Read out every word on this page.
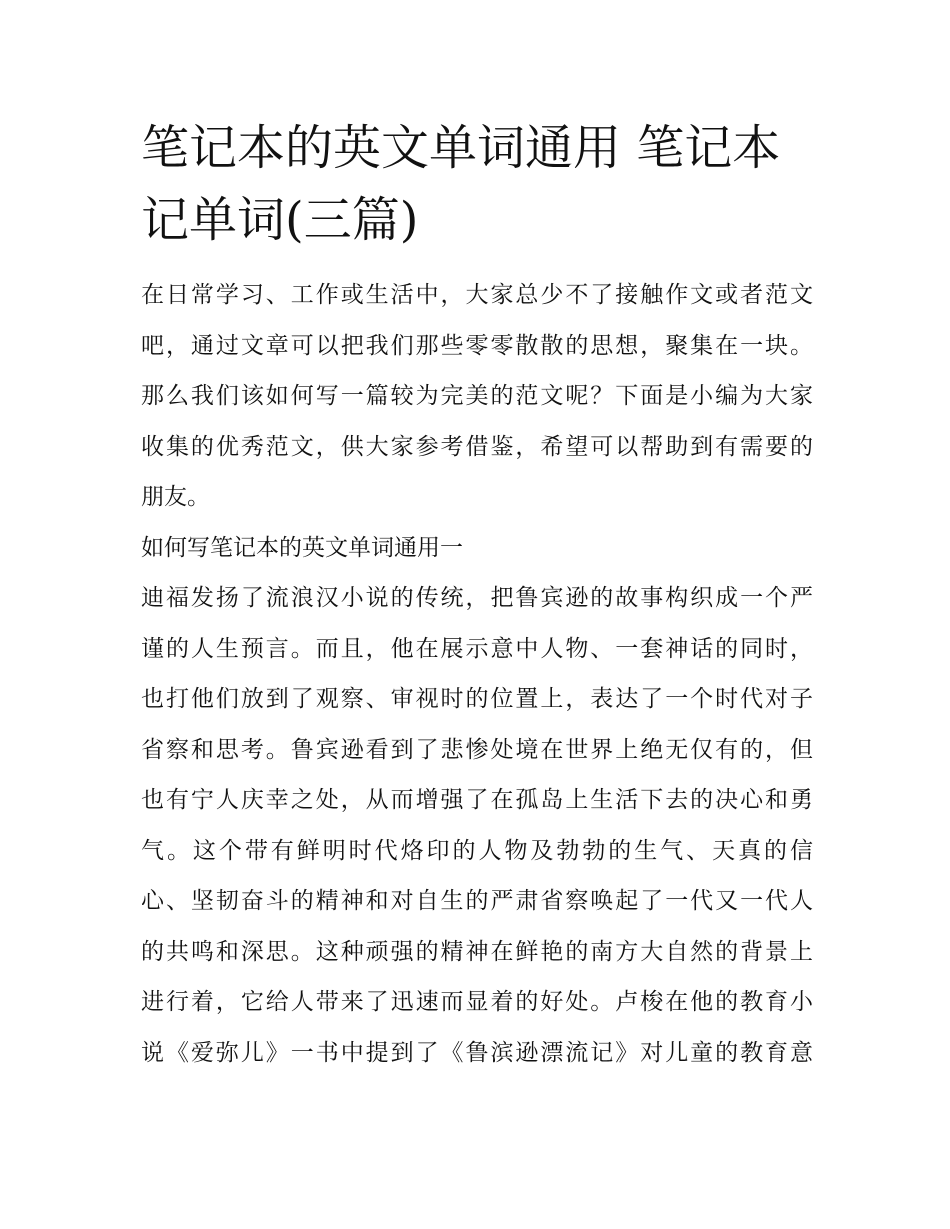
笔记本的英文单词通用 笔记本
记单词(三篇)
在日常学习、工作或生活中，大家总少不了接触作文或者范文
吧，通过文章可以把我们那些零零散散的思想，聚集在一块。
那么我们该如何写一篇较为完美的范文呢？下面是小编为大家
收集的优秀范文，供大家参考借鉴，希望可以帮助到有需要的
朋友。
如何写笔记本的英文单词通用一
迪福发扬了流浪汉小说的传统，把鲁宾逊的故事构织成一个严
谨的人生预言。而且，他在展示意中人物、一套神话的同时，
也打他们放到了观察、审视时的位置上，表达了一个时代对子
省察和思考。鲁宾逊看到了悲惨处境在世界上绝无仅有的，但
也有宁人庆幸之处，从而增强了在孤岛上生活下去的决心和勇
气。这个带有鲜明时代烙印的人物及勃勃的生气、天真的信
心、坚韧奋斗的精神和对自生的严肃省察唤起了一代又一代人
的共鸣和深思。这种顽强的精神在鲜艳的南方大自然的背景上
进行着，它给人带来了迅速而显着的好处。卢梭在他的教育小
说《爱弥儿》一书中提到了《鲁滨逊漂流记》对儿童的教育意
